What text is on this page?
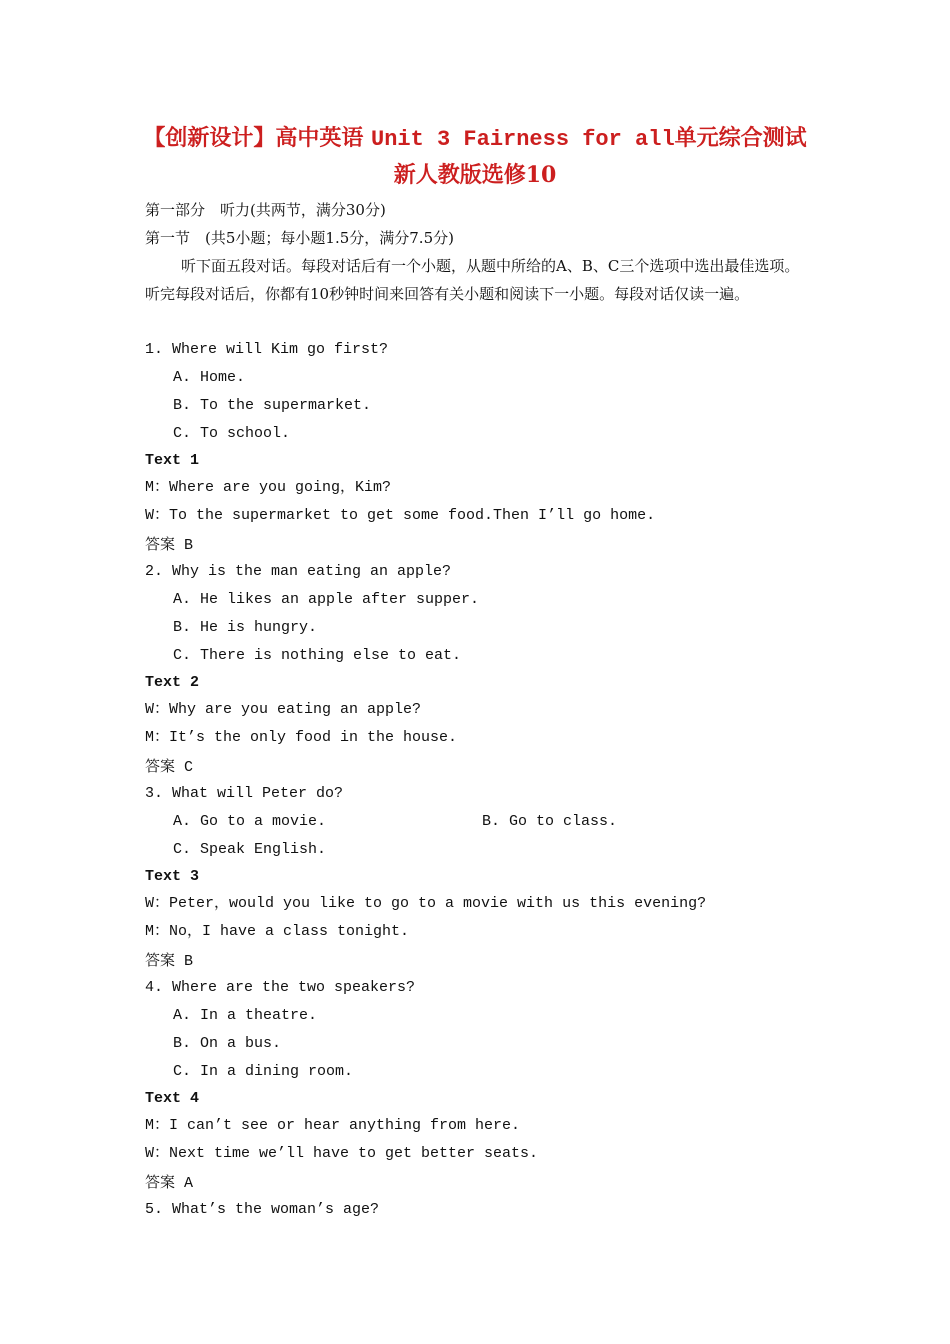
【创新设计】高中英语 Unit 3 Fairness for all单元综合测试
新人教版选修10
第一部分　听力(共两节，满分30分)
第一节　(共5小题；每小题1.5分，满分7.5分)

听下面五段对话。每段对话后有一个小题，从题中所给的A、B、C三个选项中选出最佳选项。听完每段对话后，你都有10秒钟时间来回答有关小题和阅读下一小题。每段对话仅读一遍。

1. Where will Kim go first?
A. Home.
B. To the supermarket.
C. To school.
Text 1
M：Where are you going，Kim?
W：To the supermarket to get some food.Then I’ll go home.
答案 B
2. Why is the man eating an apple?
A. He likes an apple after supper.
B. He is hungry.
C. There is nothing else to eat.
Text 2
W：Why are you eating an apple?
M：It’s the only food in the house.
答案 C
3. What will Peter do?
A. Go to a movie.	B. Go to class.
C. Speak English.
Text 3
W：Peter，would you like to go to a movie with us this evening?
M：No，I have a class tonight.
答案 B
4. Where are the two speakers?
A. In a theatre.
B. On a bus.
C. In a dining room.
Text 4
M：I can’t see or hear anything from here.
W：Next time we’ll have to get better seats.
答案 A
5. What’s the woman’s age?
